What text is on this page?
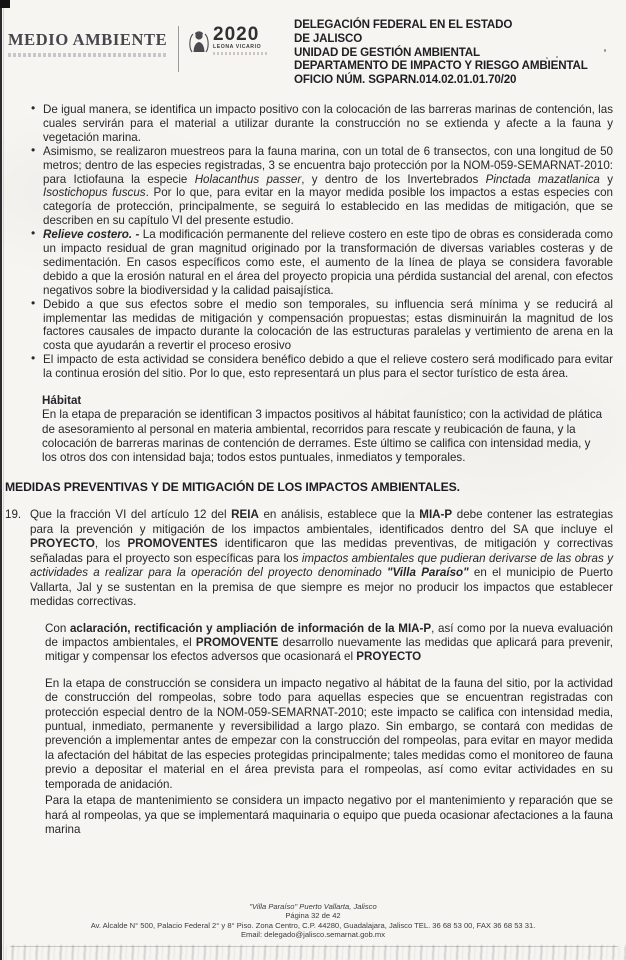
MEDIO AMBIENTE	2020
LEONA VICARIO
DELEGACIÓN FEDERAL EN EL ESTADO
DE JALISCO
UNIDAD DE GESTIÓN AMBIENTAL
DEPARTAMENTO DE IMPACTO Y RIESGO AMBIENTAL
OFICIO NÚM. SGPARN.014.02.01.01.70/20
• De igual manera, se identifica un impacto positivo con la colocación de las barreras marinas de contención, las cuales servirán para el material a utilizar durante la construcción no se extienda y afecte a la fauna y vegetación marina.
• Asimismo, se realizaron muestreos para la fauna marina, con un total de 6 transectos, con una longitud de 50 metros; dentro de las especies registradas, 3 se encuentra bajo protección por la NOM-059-SEMARNAT-2010: para Ictiofauna la especie Holacanthus passer, y dentro de los Invertebrados Pinctada mazatlanica y Isostichopus fuscus. Por lo que, para evitar en la mayor medida posible los impactos a estas especies con categoría de protección, principalmente, se seguirá lo establecido en las medidas de mitigación, que se describen en su capítulo VI del presente estudio.
• Relieve costero. - La modificación permanente del relieve costero en este tipo de obras es considerada como un impacto residual de gran magnitud originado por la transformación de diversas variables costeras y de sedimentación. En casos específicos como este, el aumento de la línea de playa se considera favorable debido a que la erosión natural en el área del proyecto propicia una pérdida sustancial del arenal, con efectos negativos sobre la biodiversidad y la calidad paisajística.
• Debido a que sus efectos sobre el medio son temporales, su influencia será mínima y se reducirá al implementar las medidas de mitigación y compensación propuestas; estas disminuirán la magnitud de los factores causales de impacto durante la colocación de las estructuras paralelas y vertimiento de arena en la costa que ayudarán a revertir el proceso erosivo
• El impacto de esta actividad se considera benéfico debido a que el relieve costero será modificado para evitar la continua erosión del sitio. Por lo que, esto representará un plus para el sector turístico de esta área.
Hábitat
En la etapa de preparación se identifican 3 impactos positivos al hábitat faunístico; con la actividad de plática de asesoramiento al personal en materia ambiental, recorridos para rescate y reubicación de fauna, y la colocación de barreras marinas de contención de derrames. Este último se califica con intensidad media, y los otros dos con intensidad baja; todos estos puntuales, inmediatos y temporales.
MEDIDAS PREVENTIVAS Y DE MITIGACIÓN DE LOS IMPACTOS AMBIENTALES.
19. Que la fracción VI del artículo 12 del REIA en análisis, establece que la MIA-P debe contener las estrategias para la prevención y mitigación de los impactos ambientales, identificados dentro del SA que incluye el PROYECTO, los PROMOVENTES identificaron que las medidas preventivas, de mitigación y correctivas señaladas para el proyecto son específicas para los impactos ambientales que pudieran derivarse de las obras y actividades a realizar para la operación del proyecto denominado "Villa Paraíso" en el municipio de Puerto Vallarta, Jal y se sustentan en la premisa de que siempre es mejor no producir los impactos que establecer medidas correctivas.

Con aclaración, rectificación y ampliación de información de la MIA-P, así como por la nueva evaluación de impactos ambientales, el PROMOVENTE desarrollo nuevamente las medidas que aplicará para prevenir, mitigar y compensar los efectos adversos que ocasionará el PROYECTO

En la etapa de construcción se considera un impacto negativo al hábitat de la fauna del sitio, por la actividad de construcción del rompeolas, sobre todo para aquellas especies que se encuentran registradas con protección especial dentro de la NOM-059-SEMARNAT-2010; este impacto se califica con intensidad media, puntual, inmediato, permanente y reversibilidad a largo plazo. Sin embargo, se contará con medidas de prevención a implementar antes de empezar con la construcción del rompeolas, para evitar en mayor medida la afectación del hábitat de las especies protegidas principalmente; tales medidas como el monitoreo de fauna previo a depositar el material en el área prevista para el rompeolas, así como evitar actividades en su temporada de anidación.

Para la etapa de mantenimiento se considera un impacto negativo por el mantenimiento y reparación que se hará al rompeolas, ya que se implementará maquinaria o equipo que pueda ocasionar afectaciones a la fauna marina

"Villa Paraíso" Puerto Vallarta, Jalisco
Página 32 de 42
Av. Alcalde N° 500, Palacio Federal 2° y 8° Piso. Zona Centro, C.P. 44280, Guadalajara, Jalisco TEL. 36 68 53 00, FAX 36 68 53 31.
Email: delegado@jalisco.semarnat.gob.mx
